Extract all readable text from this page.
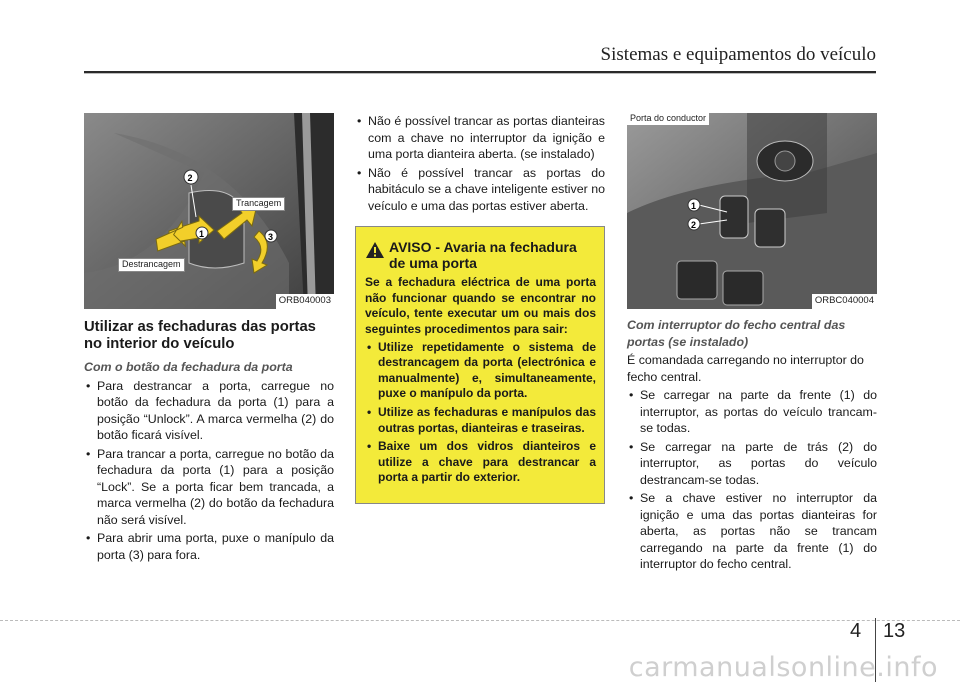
Sistemas e equipamentos do veículo
2
1	3
Trancagem
Destrancagem
ORB040003
Utilizar as fechaduras das portas no interior do veículo
Com o botão da fechadura da porta
• Para destrancar a porta, carregue no botão da fechadura da porta (1) para a posição “Unlock”. A marca vermelha (2) do botão ficará visível.
• Para trancar a porta, carregue no botão da fechadura da porta (1) para a posição “Lock”. Se a porta ficar bem trancada, a marca vermelha (2) do botão da fechadura não será visível.
• Para abrir uma porta, puxe o manípulo da porta (3) para fora.
• Não é possível trancar as portas dianteiras com a chave no interruptor da ignição e uma porta dianteira aberta. (se instalado)
• Não é possível trancar as portas do habitáculo se a chave inteligente estiver no veículo e uma das portas estiver aberta.
AVISO - Avaria na fechadura de uma porta
Se a fechadura eléctrica de uma porta não funcionar quando se encontrar no veículo, tente executar um ou mais dos seguintes procedimentos para sair:
• Utilize repetidamente o sistema de destrancagem da porta (electrónica e manualmente) e, simultaneamente, puxe o manípulo da porta.
• Utilize as fechaduras e manípulos das outras portas, dianteiras e traseiras.
• Baixe um dos vidros dianteiros e utilize a chave para destrancar a porta a partir do exterior.
1
2
Porta do conductor
ORBC040004
Com interruptor do fecho central das portas (se instalado)
É comandada carregando no interruptor do fecho central.
• Se carregar na parte da frente (1) do interruptor, as portas do veículo trancam-se todas.
• Se carregar na parte de trás (2) do interruptor, as portas do veículo destrancam-se todas.
• Se a chave estiver no interruptor da ignição e uma das portas dianteiras for aberta, as portas não se trancam carregando na parte da frente (1) do interruptor do fecho central.
4 13
carmanualsonline.info
